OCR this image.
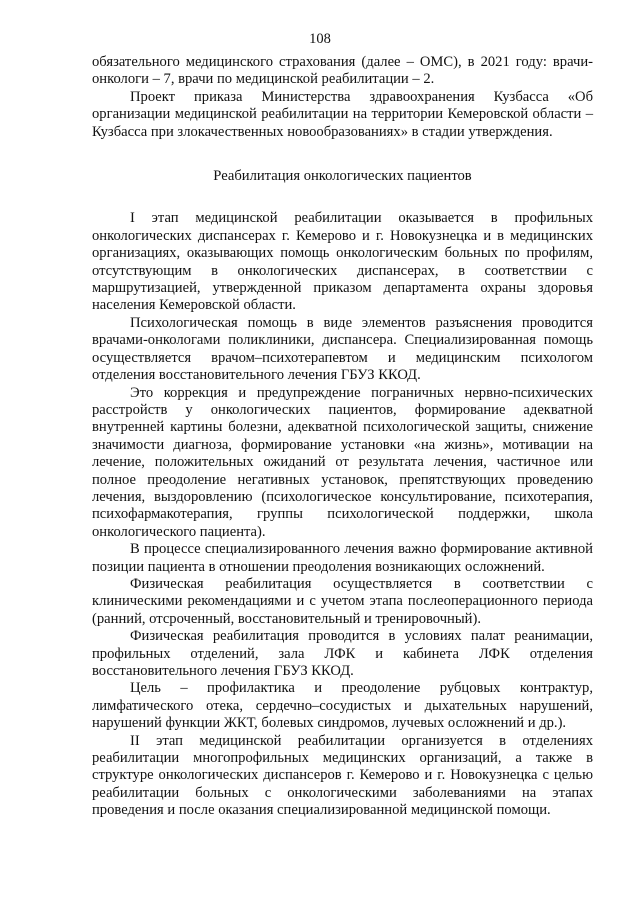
108

обязательного медицинского страхования (далее – ОМС), в 2021 году: врачи-онкологи – 7, врачи по медицинской реабилитации – 2.

Проект приказа Министерства здравоохранения Кузбасса «Об организации медицинской реабилитации на территории Кемеровской области – Кузбасса при злокачественных новообразованиях» в стадии утверждения.

Реабилитация онкологических пациентов

I этап медицинской реабилитации оказывается в профильных онкологических диспансерах г. Кемерово и г. Новокузнецка и в медицинских организациях, оказывающих помощь онкологическим больных по профилям, отсутствующим в онкологических диспансерах, в соответствии с маршрутизацией, утвержденной приказом департамента охраны здоровья населения Кемеровской области.

Психологическая помощь в виде элементов разъяснения проводится врачами-онкологами поликлиники, диспансера. Специализированная помощь осуществляется врачом–психотерапевтом и медицинским психологом отделения восстановительного лечения ГБУЗ ККОД.

Это коррекция и предупреждение пограничных нервно-психических расстройств у онкологических пациентов, формирование адекватной внутренней картины болезни, адекватной психологической защиты, снижение значимости диагноза, формирование установки «на жизнь», мотивации на лечение, положительных ожиданий от результата лечения, частичное или полное преодоление негативных установок, препятствующих проведению лечения, выздоровлению (психологическое консультирование, психотерапия, психофармакотерапия, группы психологической поддержки, школа онкологического пациента).

В процессе специализированного лечения важно формирование активной позиции пациента в отношении преодоления возникающих осложнений.

Физическая реабилитация осуществляется в соответствии с клиническими рекомендациями и с учетом этапа послеоперационного периода (ранний, отсроченный, восстановительный и тренировочный).

Физическая реабилитация проводится в условиях палат реанимации, профильных отделений, зала ЛФК и кабинета ЛФК отделения восстановительного лечения ГБУЗ ККОД.

Цель – профилактика и преодоление рубцовых контрактур, лимфатического отека, сердечно–сосудистых и дыхательных нарушений, нарушений функции ЖКТ, болевых синдромов, лучевых осложнений и др.).

II этап медицинской реабилитации организуется в отделениях реабилитации многопрофильных медицинских организаций, а также в структуре онкологических диспансеров г. Кемерово и г. Новокузнецка с целью реабилитации больных с онкологическими заболеваниями на этапах проведения и после оказания специализированной медицинской помощи.
